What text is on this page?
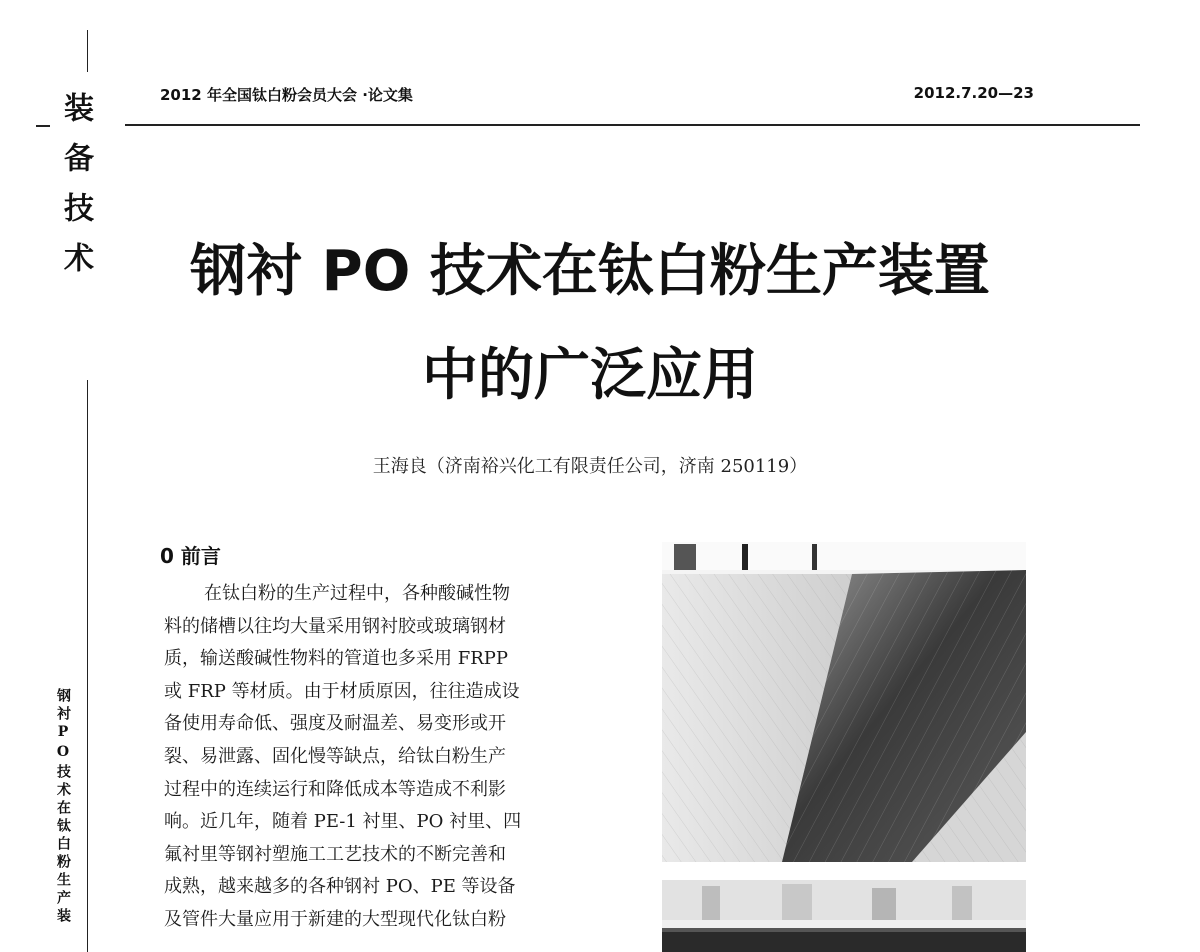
装备技术
钢衬PO技术在钛白粉生产装
2012 年全国钛白粉会员大会 ·论文集	2012.7.20—23
钢衬 PO 技术在钛白粉生产装置
中的广泛应用
王海良（济南裕兴化工有限责任公司，济南 250119）
0 前言
在钛白粉的生产过程中，各种酸碱性物
料的储槽以往均大量采用钢衬胶或玻璃钢材
质，输送酸碱性物料的管道也多采用 FRPP
或 FRP 等材质。由于材质原因，往往造成设
备使用寿命低、强度及耐温差、易变形或开
裂、易泄露、固化慢等缺点，给钛白粉生产
过程中的连续运行和降低成本等造成不利影
响。近几年，随着 PE-1 衬里、PO 衬里、四
氟衬里等钢衬塑施工工艺技术的不断完善和
成熟，越来越多的各种钢衬 PO、PE 等设备
及管件大量应用于新建的大型现代化钛白粉
